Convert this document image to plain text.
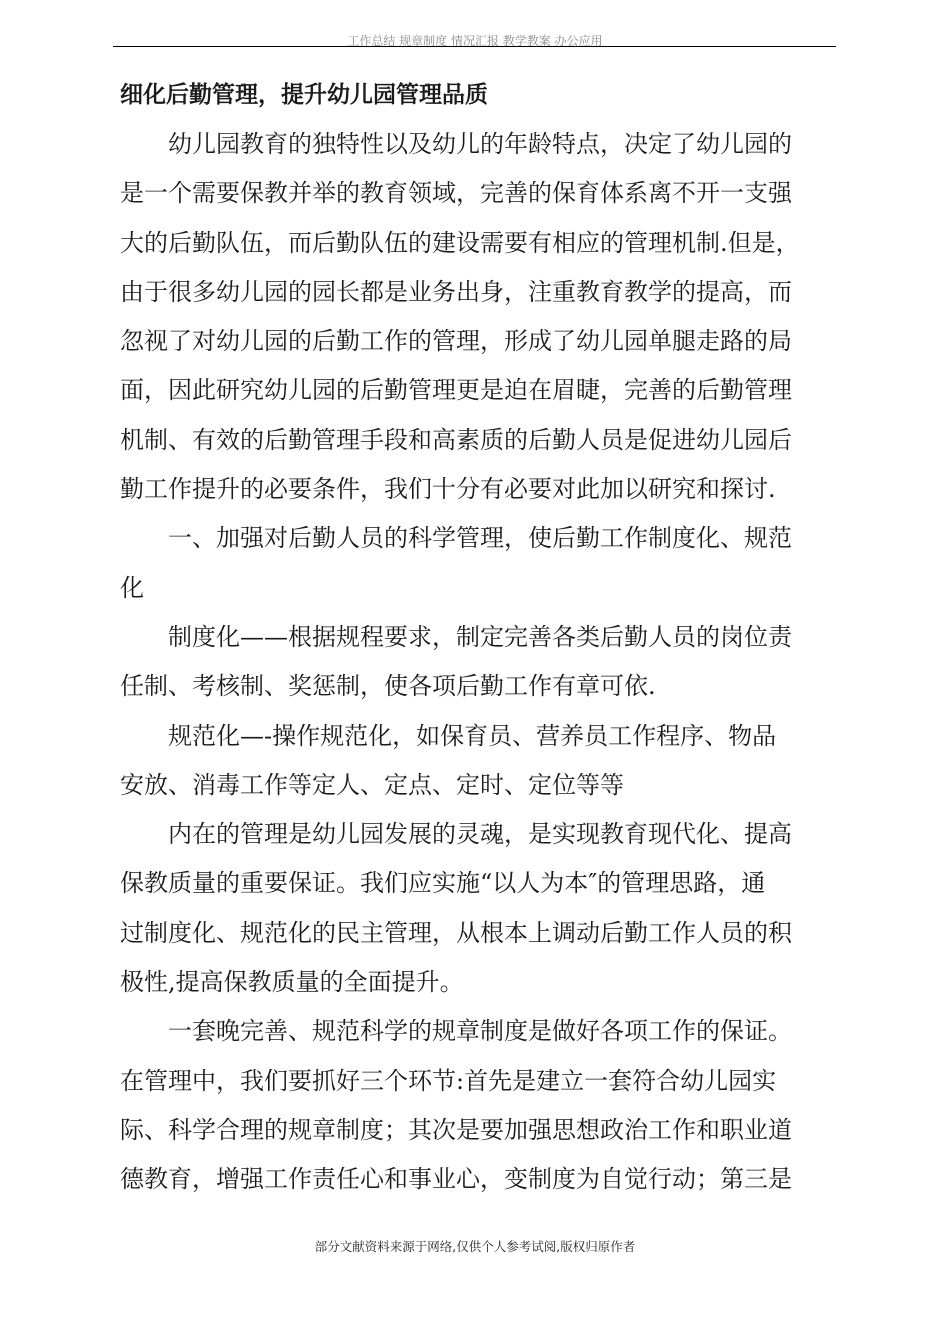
工作总结 规章制度 情况汇报 教学教案 办公应用
细化后勤管理，提升幼儿园管理品质
　　幼儿园教育的独特性以及幼儿的年龄特点，决定了幼儿园的
是一个需要保教并举的教育领域，完善的保育体系离不开一支强
大的后勤队伍，而后勤队伍的建设需要有相应的管理机制.但是，
由于很多幼儿园的园长都是业务出身，注重教育教学的提高，而
忽视了对幼儿园的后勤工作的管理，形成了幼儿园单腿走路的局
面，因此研究幼儿园的后勤管理更是迫在眉睫，完善的后勤管理
机制、有效的后勤管理手段和高素质的后勤人员是促进幼儿园后
勤工作提升的必要条件，我们十分有必要对此加以研究和探讨.
　　一、加强对后勤人员的科学管理，使后勤工作制度化、规范
化
　　制度化——根据规程要求，制定完善各类后勤人员的岗位责
任制、考核制、奖惩制，使各项后勤工作有章可依.
　　规范化—-操作规范化，如保育员、营养员工作程序、物品
安放、消毒工作等定人、定点、定时、定位等等
　　内在的管理是幼儿园发展的灵魂，是实现教育现代化、提高
保教质量的重要保证。我们应实施“以人为本″的管理思路，通
过制度化、规范化的民主管理，从根本上调动后勤工作人员的积
极性,提高保教质量的全面提升。
　　一套晚完善、规范科学的规章制度是做好各项工作的保证。
在管理中，我们要抓好三个环节:首先是建立一套符合幼儿园实
际、科学合理的规章制度；其次是要加强思想政治工作和职业道
德教育，增强工作责任心和事业心，变制度为自觉行动；第三是
部分文献资料来源于网络,仅供个人参考试阅,版权归原作者
